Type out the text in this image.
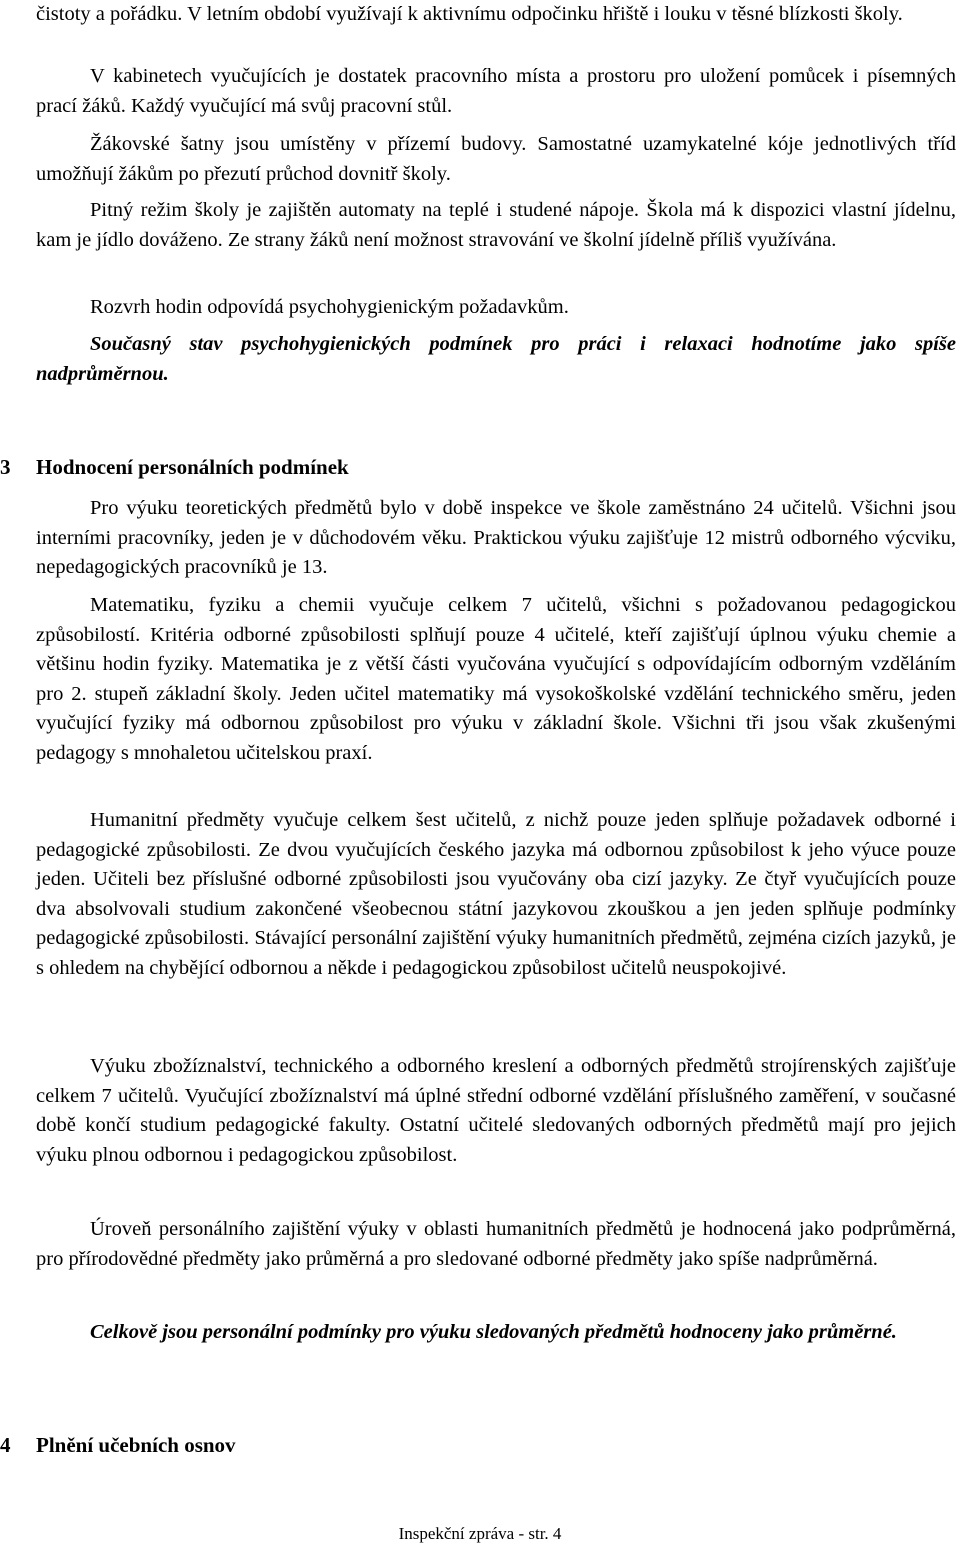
čistoty a pořádku. V letním období využívají k aktivnímu odpočinku hřiště i louku v těsné blízkosti školy.

V kabinetech vyučujících je dostatek pracovního místa a prostoru pro uložení pomůcek i písemných prací žáků. Každý vyučující má svůj pracovní stůl.

Žákovské šatny jsou umístěny v přízemí budovy. Samostatné uzamykatelné kóje jednotlivých tříd umožňují žákům po přezutí průchod dovnitř školy.

Pitný režim školy je zajištěn automaty na teplé i studené nápoje. Škola má k dispozici vlastní jídelnu, kam je jídlo dováženo. Ze strany žáků není možnost stravování ve školní jídelně příliš využívána.

Rozvrh hodin odpovídá psychohygienickým požadavkům.

Současný stav psychohygienických podmínek pro práci i relaxaci hodnotíme jako spíše nadprůměrnou.

3 Hodnocení personálních podmínek

Pro výuku teoretických předmětů bylo v době inspekce ve škole zaměstnáno 24 učitelů. Všichni jsou interními pracovníky, jeden je v důchodovém věku. Praktickou výuku zajišťuje 12 mistrů odborného výcviku, nepedagogických pracovníků je 13.

Matematiku, fyziku a chemii vyučuje celkem 7 učitelů, všichni s požadovanou pedagogickou způsobilostí. Kritéria odborné způsobilosti splňují pouze 4 učitelé, kteří zajišťují úplnou výuku chemie a většinu hodin fyziky. Matematika je z větší části vyučována vyučující s odpovídajícím odborným vzděláním pro 2. stupeň základní školy. Jeden učitel matematiky má vysokoškolské vzdělání technického směru, jeden vyučující fyziky má odbornou způsobilost pro výuku v základní škole. Všichni tři jsou však zkušenými pedagogy s mnohaletou učitelskou praxí.

Humanitní předměty vyučuje celkem šest učitelů, z nichž pouze jeden splňuje požadavek odborné i pedagogické způsobilosti. Ze dvou vyučujících českého jazyka má odbornou způsobilost k jeho výuce pouze jeden. Učiteli bez příslušné odborné způsobilosti jsou vyučovány oba cizí jazyky. Ze čtyř vyučujících pouze dva absolvovali studium zakončené všeobecnou státní jazykovou zkouškou a jen jeden splňuje podmínky pedagogické způsobilosti. Stávající personální zajištění výuky humanitních předmětů, zejména cizích jazyků, je s ohledem na chybějící odbornou a někde i pedagogickou způsobilost učitelů neuspokojivé.

Výuku zbožíznalství, technického a odborného kreslení a odborných předmětů strojírenských zajišťuje celkem 7 učitelů. Vyučující zbožíznalství má úplné střední odborné vzdělání příslušného zaměření, v současné době končí studium pedagogické fakulty. Ostatní učitelé sledovaných odborných předmětů mají pro jejich výuku plnou odbornou i pedagogickou způsobilost.

Úroveň personálního zajištění výuky v oblasti humanitních předmětů je hodnocená jako podprůměrná, pro přírodovědné předměty jako průměrná a pro sledované odborné předměty jako spíše nadprůměrná.

Celkově jsou personální podmínky pro výuku sledovaných předmětů hodnoceny jako průměrné.

4 Plnění učebních osnov

Inspekční zpráva - str. 4
